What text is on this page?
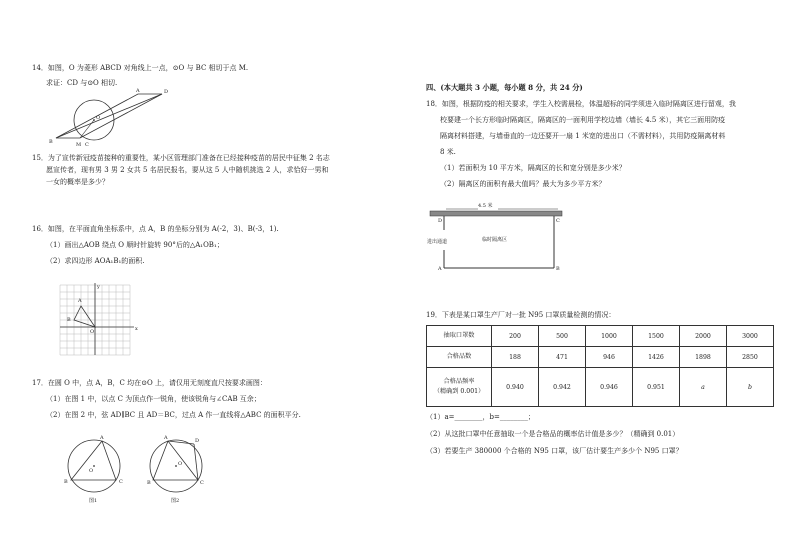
14．如图，O 为菱形 ABCD 对角线上一点，⊙O 与 BC 相切于点 M.
求证：CD 与⊙O 相切.
D
A
O
B	M C
15．为了宣传新冠疫苗接种的重要性，某小区管理部门准备在已经接种疫苗的居民中征集 2 名志
愿宣传者，现有男 3 男 2 女共 5 名居民报名，要从这 5 人中随机挑选 2 人，求恰好一男和
一女的概率是多少？
16．如图，在平面直角坐标系中，点 A，B 的坐标分别为 A(-2，3)、B(-3，1).
（1）画出△AOB 绕点 O 顺时针旋转 90°后的△A₁OB₁；
（2）求四边形 AOA₁B₁的面积.
A
B
O	x
y
17．在圆 O 中，点 A，B，C 均在⊙O 上，请仅用无刻度直尺按要求画图：
（1）在图 1 中，以点 C 为顶点作一锐角，使该锐角与∠CAB 互余；
（2）在图 2 中，弦 AD∥BC 且 AD＝BC，过点 A 作一直线将△ABC 的面积平分.
A
O
B	C
图1
A	D
O
B	C
图2
四、(本大题共 3 小题，每小题 8 分，共 24 分)
18．如图，根据防疫的相关要求，学生入校需晨检，体温超标的同学须进入临时隔离区进行留观，我
校要建一个长方形临时隔离区，隔离区的一面利用学校边墙（墙长 4.5 米），其它三面用防疫
隔离材料搭建，与墙垂直的一边还要开一扇 1 米宽的进出口（不需材料），共用防疫隔离材料
8 米.
（1）若面积为 10 平方米，隔离区的长和宽分别是多少米？
（2）隔离区的面积有最大值吗？最大为多少平方米？
4.5 米
D	C
A	B
进出通道	临时隔离区
19．下表是某口罩生产厂对一批 N95 口罩质量检测的情况：
抽取口罩数	200	500	1000	1500	2000	3000
合格品数	188	471	946	1426	1898	2850

合格品频率
（精确到 0.001）	0.940	0.942	0.946	0.951	a	b
（1）a=________，b=________；
（2）从这批口罩中任意抽取一个是合格品的概率估计值是多少？（精确到 0.01）
（3）若要生产 380000 个合格的 N95 口罩，该厂估计要生产多少个 N95 口罩？
